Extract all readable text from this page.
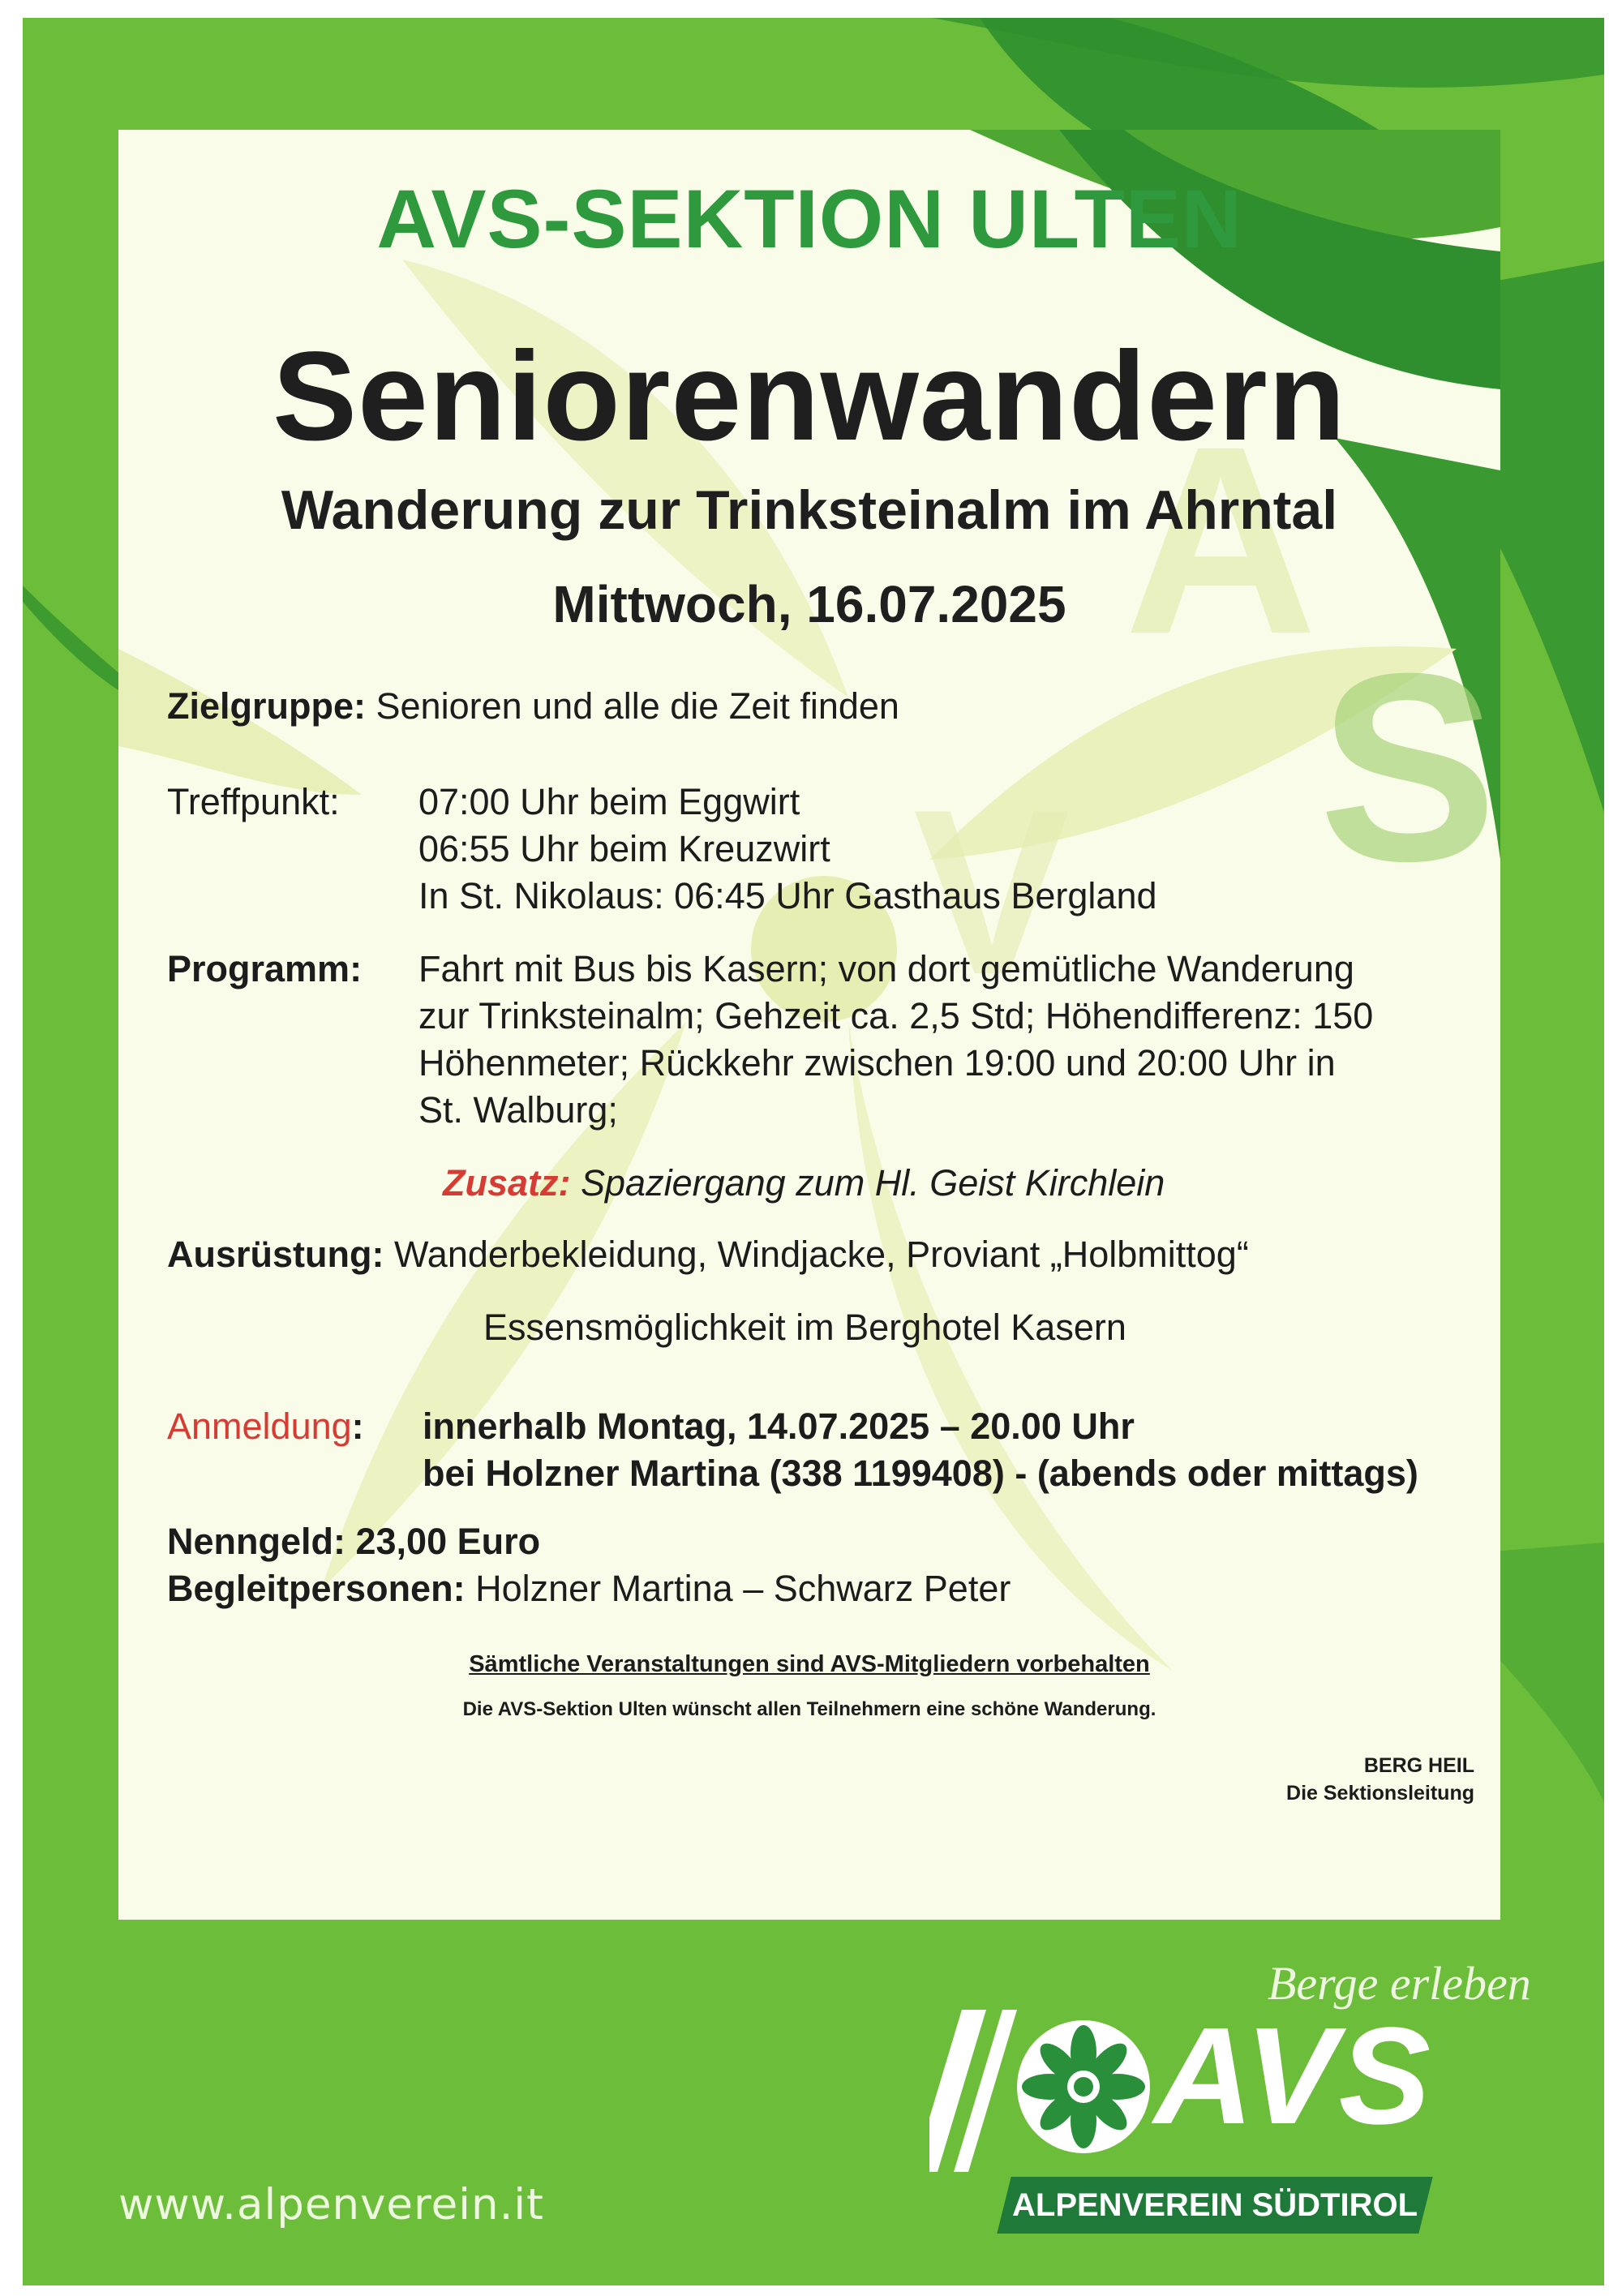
A
S
V
AVS-SEKTION ULTEN
Seniorenwandern
Wanderung zur Trinksteinalm im Ahrntal
Mittwoch, 16.07.2025
Zielgruppe: Senioren und alle die Zeit finden
Treffpunkt: 07:00 Uhr beim Eggwirt
06:55 Uhr beim Kreuzwirt
In St. Nikolaus: 06:45 Uhr Gasthaus Bergland
Programm: Fahrt mit Bus bis Kasern; von dort gemütliche Wanderung
zur Trinksteinalm; Gehzeit ca. 2,5 Std; Höhendifferenz: 150
Höhenmeter; Rückkehr zwischen 19:00 und 20:00 Uhr in
St. Walburg;
Zusatz: Spaziergang zum Hl. Geist Kirchlein
Ausrüstung: Wanderbekleidung, Windjacke, Proviant „Holbmittog“
Essensmöglichkeit im Berghotel Kasern
Anmeldung: innerhalb Montag, 14.07.2025 – 20.00 Uhr
bei Holzner Martina (338 1199408) - (abends oder mittags)
Nenngeld: 23,00 Euro
Begleitpersonen: Holzner Martina – Schwarz Peter
Sämtliche Veranstaltungen sind AVS-Mitgliedern vorbehalten
Die AVS-Sektion Ulten wünscht allen Teilnehmern eine schöne Wanderung.
BERG HEIL
Die Sektionsleitung
Berge erleben
AVS
ALPENVEREIN SÜDTIROL
www.alpenverein.it
